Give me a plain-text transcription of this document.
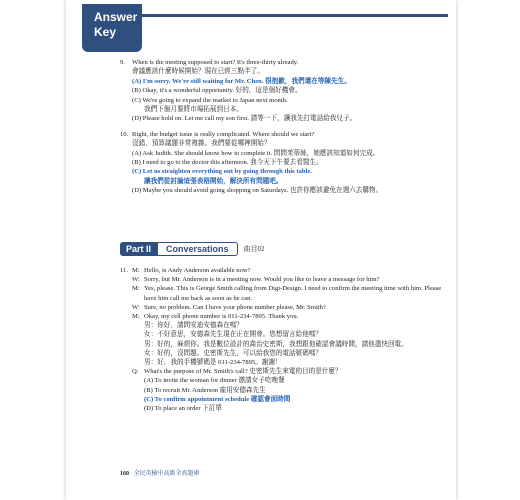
Answer
Key
9.	When is the meeting supposed to start? It's three-thirty already.
會議應該什麼時候開始？現在已經三點半了。
(A) I'm sorry. We're still waiting for Mr. Chen. 很抱歉，我們還在等陳先生。
(B) Okay, it's a wonderful opportunity. 好的，這是個好機會。
(C) We're going to expand the market to Japan next month.
我們下個月要將市場拓展到日本。
(D) Please hold on. Let me call my son first. 請等一下，讓我先打電話給我兒子。
10. Right, the budget issue is really complicated. Where should we start?
沒錯，預算議題非常複雜。我們要從哪裡開始？
(A) Ask Judith. She should know how to complete it. 問問茱蒂絲，她應該知道如何完成。
(B) I need to go to the doctor this afternoon. 我今天下午要去看醫生。
(C) Let us straighten everything out by going through this table.
讓我們從討論這張表格開始，解決所有問題吧。
(D) Maybe you should avoid going shopping on Saturdays. 也許你應該避免在週六去購物。
Part II	Conversations	曲目02
11. M: Hello, is Andy Anderson available now?
W: Sorry, but Mr. Anderson is in a meeting now. Would you like to leave a message for him?
M: Yes, please. This is George Smith calling from Digi-Design. I need to confirm the meeting time with him. Please have him call me back as soon as he can.
W: Sure, no problem. Can I have your phone number please, Mr. Smith?
M: Okay, my cell phone number is 011-234-7895. Thank you.
男：你好，請問安迪安德森在嗎？
女：不好意思，安德森先生現在正在開會。您想留言給他嗎？
男：好的，麻煩你。我是數位設計的喬治史密斯，我想跟他確認會議時間，請他盡快回電。
女：好的，沒問題。史密斯先生，可以給我您的電話號碼嗎？
男：好，我的手機號碼是 011-234-7895。謝謝！
Q: What's the purpose of Mr. Smith's call? 史密斯先生來電的目的是什麼？
(A) To invite the woman for dinner 邀請女子吃晚餐
(B) To recruit Mr. Anderson 雇用安德森先生
(C) To confirm appointment schedule 確認會面時間
(D) To place an order 下訂單
160 全民英檢中高級全真題庫
